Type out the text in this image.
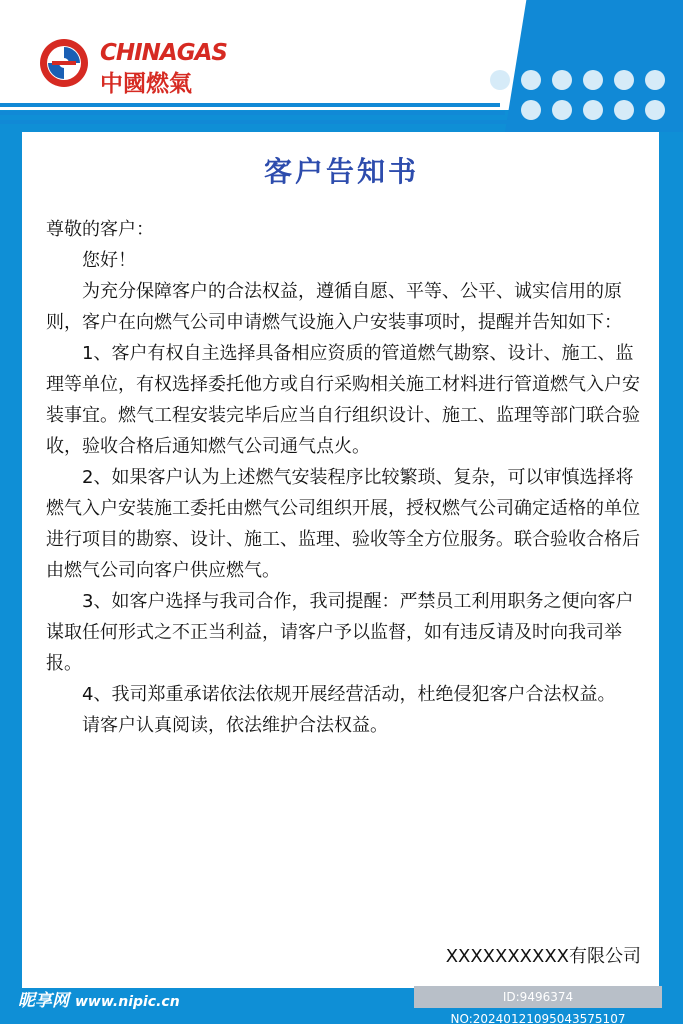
CHINAGAS
中國燃氣
客户告知书

尊敬的客户：

您好！

为充分保障客户的合法权益，遵循自愿、平等、公平、诚实信用的原则，客户在向燃气公司申请燃气设施入户安装事项时，提醒并告知如下：

1、客户有权自主选择具备相应资质的管道燃气勘察、设计、施工、监理等单位，有权选择委托他方或自行采购相关施工材料进行管道燃气入户安装事宜。燃气工程安装完毕后应当自行组织设计、施工、监理等部门联合验收，验收合格后通知燃气公司通气点火。

2、如果客户认为上述燃气安装程序比较繁琐、复杂，可以审慎选择将燃气入户安装施工委托由燃气公司组织开展，授权燃气公司确定适格的单位进行项目的勘察、设计、施工、监理、验收等全方位服务。联合验收合格后由燃气公司向客户供应燃气。

3、如客户选择与我司合作，我司提醒：严禁员工利用职务之便向客户谋取任何形式之不正当利益，请客户予以监督，如有违反请及时向我司举报。

4、我司郑重承诺依法依规开展经营活动，杜绝侵犯客户合法权益。

请客户认真阅读，依法维护合法权益。

XXXXXXXXXX有限公司
昵享网 www.nipic.cn	ID:9496374 NO:20240121095043575107
